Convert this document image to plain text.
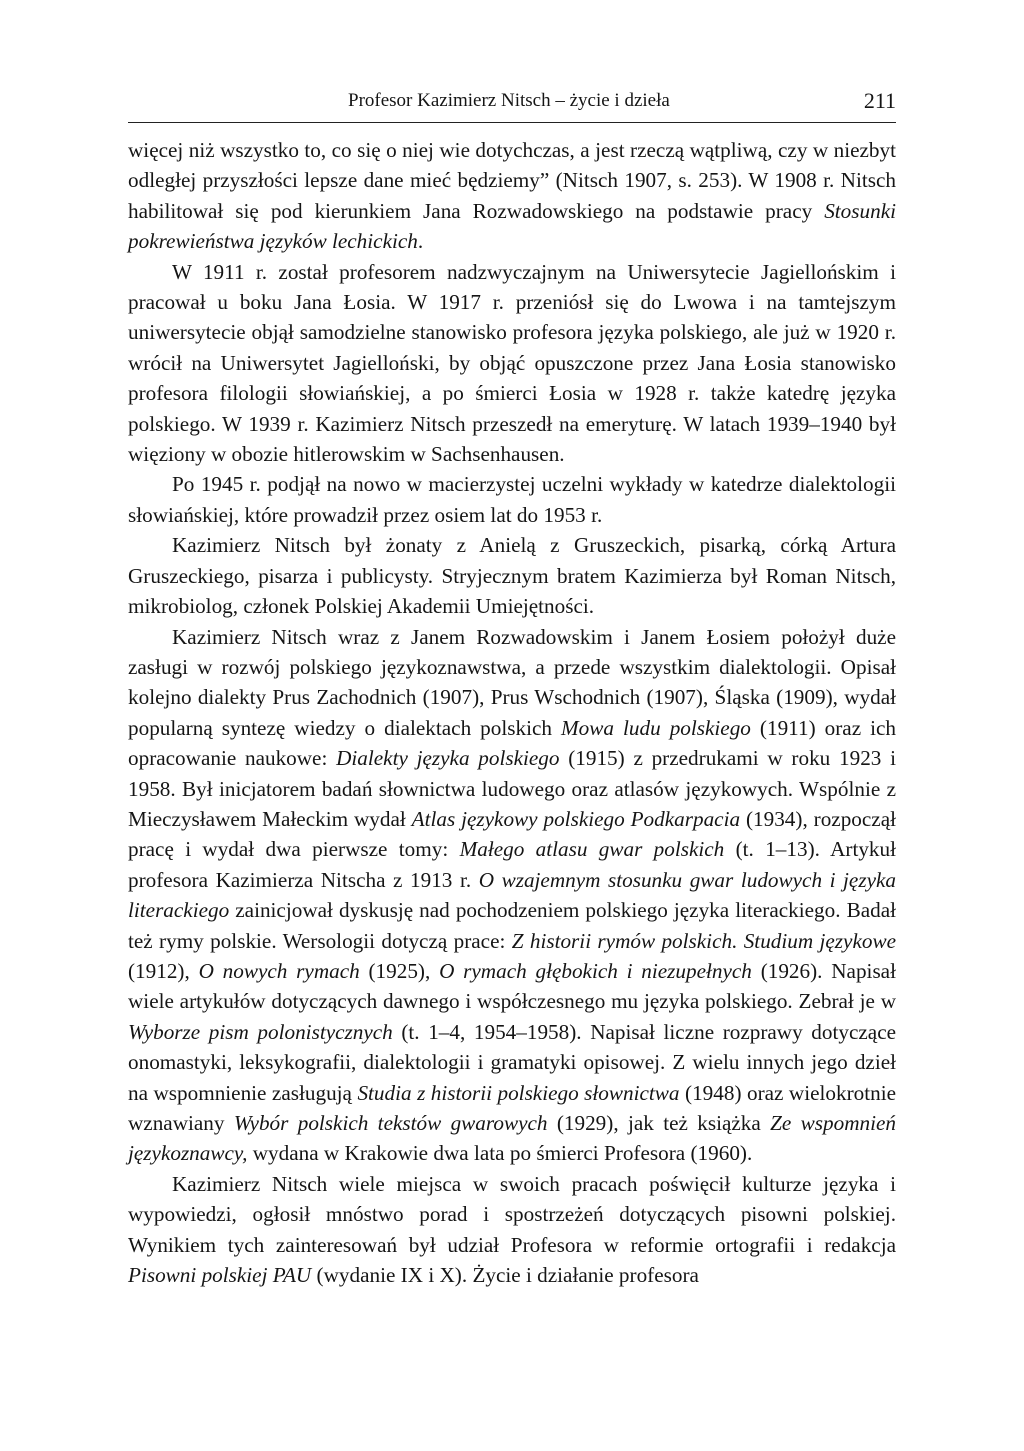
Profesor Kazimierz Nitsch – życie i dzieła	211

więcej niż wszystko to, co się o niej wie dotychczas, a jest rzeczą wątpliwą, czy w niezbyt odległej przyszłości lepsze dane mieć będziemy” (Nitsch 1907, s. 253). W 1908 r. Nitsch habilitował się pod kierunkiem Jana Rozwadowskiego na podstawie pracy Stosunki pokrewieństwa języków lechickich.

W 1911 r. został profesorem nadzwyczajnym na Uniwersytecie Jagiellońskim i pracował u boku Jana Łosia. W 1917 r. przeniósł się do Lwowa i na tamtejszym uniwersytecie objął samodzielne stanowisko profesora języka polskiego, ale już w 1920 r. wrócił na Uniwersytet Jagielloński, by objąć opuszczone przez Jana Łosia stanowisko profesora filologii słowiańskiej, a po śmierci Łosia w 1928 r. także katedrę języka polskiego. W 1939 r. Kazimierz Nitsch przeszedł na emeryturę. W latach 1939–1940 był więziony w obozie hitlerowskim w Sachsenhausen.

Po 1945 r. podjął na nowo w macierzystej uczelni wykłady w katedrze dialektologii słowiańskiej, które prowadził przez osiem lat do 1953 r.

Kazimierz Nitsch był żonaty z Anielą z Gruszeckich, pisarką, córką Artura Gruszeckiego, pisarza i publicysty. Stryjecznym bratem Kazimierza był Roman Nitsch, mikrobiolog, członek Polskiej Akademii Umiejętności.

Kazimierz Nitsch wraz z Janem Rozwadowskim i Janem Łosiem położył duże zasługi w rozwój polskiego językoznawstwa, a przede wszystkim dialektologii. Opisał kolejno dialekty Prus Zachodnich (1907), Prus Wschodnich (1907), Śląska (1909), wydał popularną syntezę wiedzy o dialektach polskich Mowa ludu polskiego (1911) oraz ich opracowanie naukowe: Dialekty języka polskiego (1915) z przedrukami w roku 1923 i 1958. Był inicjatorem badań słownictwa ludowego oraz atlasów językowych. Wspólnie z Mieczysławem Małeckim wydał Atlas językowy polskiego Podkarpacia (1934), rozpoczął pracę i wydał dwa pierwsze tomy: Małego atlasu gwar polskich (t. 1–13). Artykuł profesora Kazimierza Nitscha z 1913 r. O wzajemnym stosunku gwar ludowych i języka literackiego zainicjował dyskusję nad pochodzeniem polskiego języka literackiego. Badał też rymy polskie. Wersologii dotyczą prace: Z historii rymów polskich. Studium językowe (1912), O nowych rymach (1925), O rymach głębokich i niezupełnych (1926). Napisał wiele artykułów dotyczących dawnego i współczesnego mu języka polskiego. Zebrał je w Wyborze pism polonistycznych (t. 1–4, 1954–1958). Napisał liczne rozprawy dotyczące onomastyki, leksykografii, dialektologii i gramatyki opisowej. Z wielu innych jego dzieł na wspomnienie zasługują Studia z historii polskiego słownictwa (1948) oraz wielokrotnie wznawiany Wybór polskich tekstów gwarowych (1929), jak też książka Ze wspomnień językoznawcy, wydana w Krakowie dwa lata po śmierci Profesora (1960).

Kazimierz Nitsch wiele miejsca w swoich pracach poświęcił kulturze języka i wypowiedzi, ogłosił mnóstwo porad i spostrzeżeń dotyczących pisowni polskiej. Wynikiem tych zainteresowań był udział Profesora w reformie ortografii i redakcja Pisowni polskiej PAU (wydanie IX i X). Życie i działanie profesora
